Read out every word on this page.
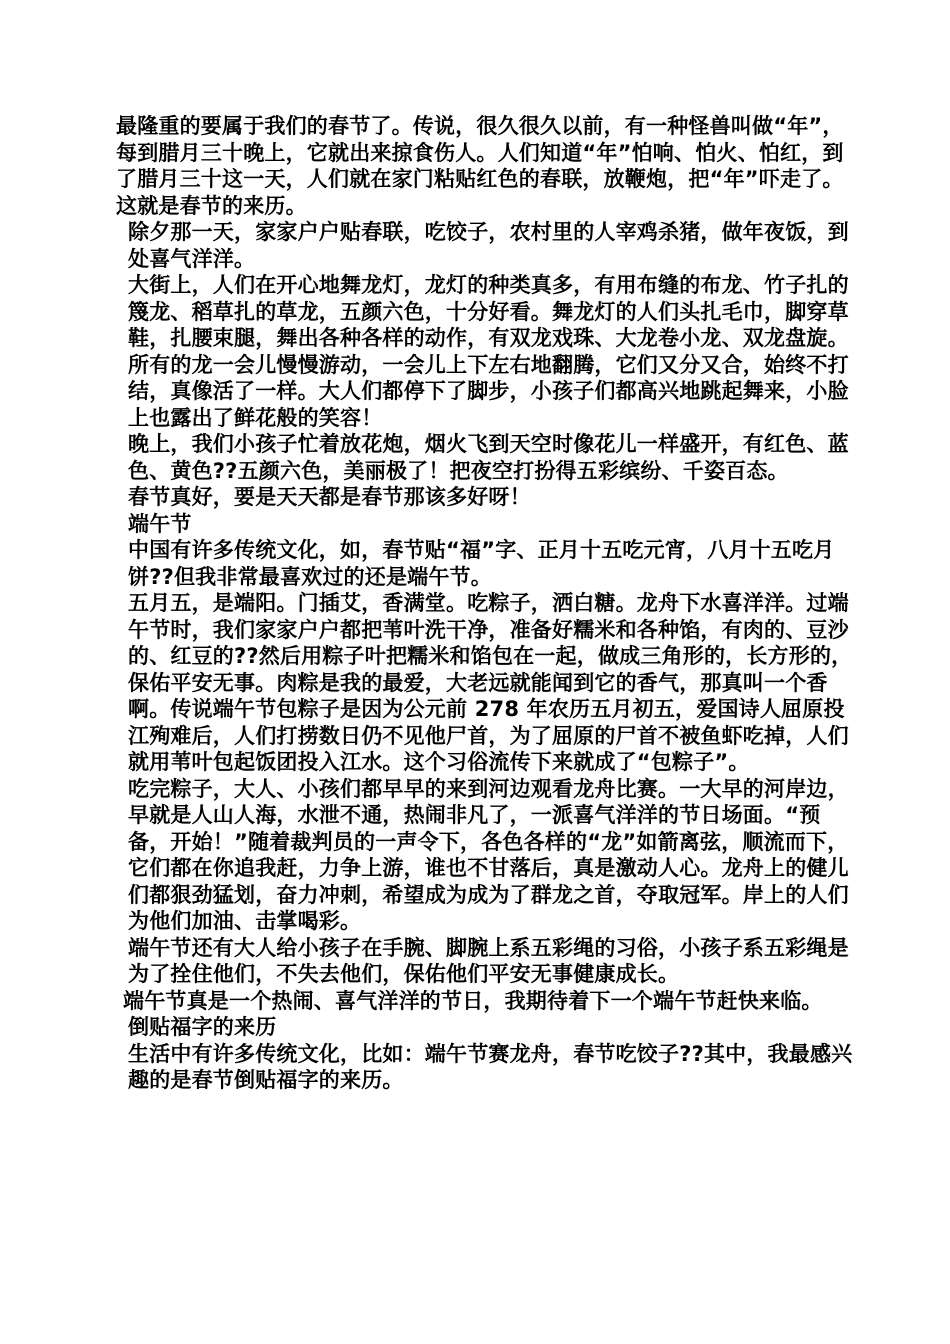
最隆重的要属于我们的春节了。传说，很久很久以前，有一种怪兽叫做“年”，每到腊月三十晚上，它就出来掠食伤人。人们知道“年”怕响、怕火、怕红，到了腊月三十这一天，人们就在家门粘贴红色的春联，放鞭炮，把“年”吓走了。这就是春节的来历。

除夕那一天，家家户户贴春联，吃饺子，农村里的人宰鸡杀猪，做年夜饭，到处喜气洋洋。

大街上，人们在开心地舞龙灯，龙灯的种类真多，有用布缝的布龙、竹子扎的篾龙、稻草扎的草龙，五颜六色，十分好看。舞龙灯的人们头扎毛巾，脚穿草鞋，扎腰束腿，舞出各种各样的动作，有双龙戏珠、大龙卷小龙、双龙盘旋。所有的龙一会儿慢慢游动，一会儿上下左右地翻腾，它们又分又合，始终不打结，真像活了一样。大人们都停下了脚步，小孩子们都高兴地跳起舞来，小脸上也露出了鲜花般的笑容！

晚上，我们小孩子忙着放花炮，烟火飞到天空时像花儿一样盛开，有红色、蓝色、黄色??五颜六色，美丽极了！把夜空打扮得五彩缤纷、千姿百态。

春节真好，要是天天都是春节那该多好呀！

端午节

中国有许多传统文化，如，春节贴“福”字、正月十五吃元宵，八月十五吃月饼??但我非常最喜欢过的还是端午节。

五月五，是端阳。门插艾，香满堂。吃粽子，洒白糖。龙舟下水喜洋洋。过端午节时，我们家家户户都把苇叶洗干净，准备好糯米和各种馅，有肉的、豆沙的、红豆的??然后用粽子叶把糯米和馅包在一起，做成三角形的，长方形的，保佑平安无事。肉粽是我的最爱，大老远就能闻到它的香气，那真叫一个香啊。传说端午节包粽子是因为公元前 278 年农历五月初五，爱国诗人屈原投江殉难后，人们打捞数日仍不见他尸首，为了屈原的尸首不被鱼虾吃掉，人们就用苇叶包起饭团投入江水。这个习俗流传下来就成了“包粽子”。

吃完粽子，大人、小孩们都早早的来到河边观看龙舟比赛。一大早的河岸边，早就是人山人海，水泄不通，热闹非凡了，一派喜气洋洋的节日场面。“预备，开始！”随着裁判员的一声令下，各色各样的“龙”如箭离弦，顺流而下，它们都在你追我赶，力争上游，谁也不甘落后，真是激动人心。龙舟上的健儿们都狠劲猛划，奋力冲刺，希望成为成为了群龙之首，夺取冠军。岸上的人们为他们加油、击掌喝彩。

端午节还有大人给小孩子在手腕、脚腕上系五彩绳的习俗，小孩子系五彩绳是为了拴住他们，不失去他们，保佑他们平安无事健康成长。

端午节真是一个热闹、喜气洋洋的节日，我期待着下一个端午节赶快来临。

倒贴福字的来历

生活中有许多传统文化，比如：端午节赛龙舟，春节吃饺子??其中，我最感兴趣的是春节倒贴福字的来历。
